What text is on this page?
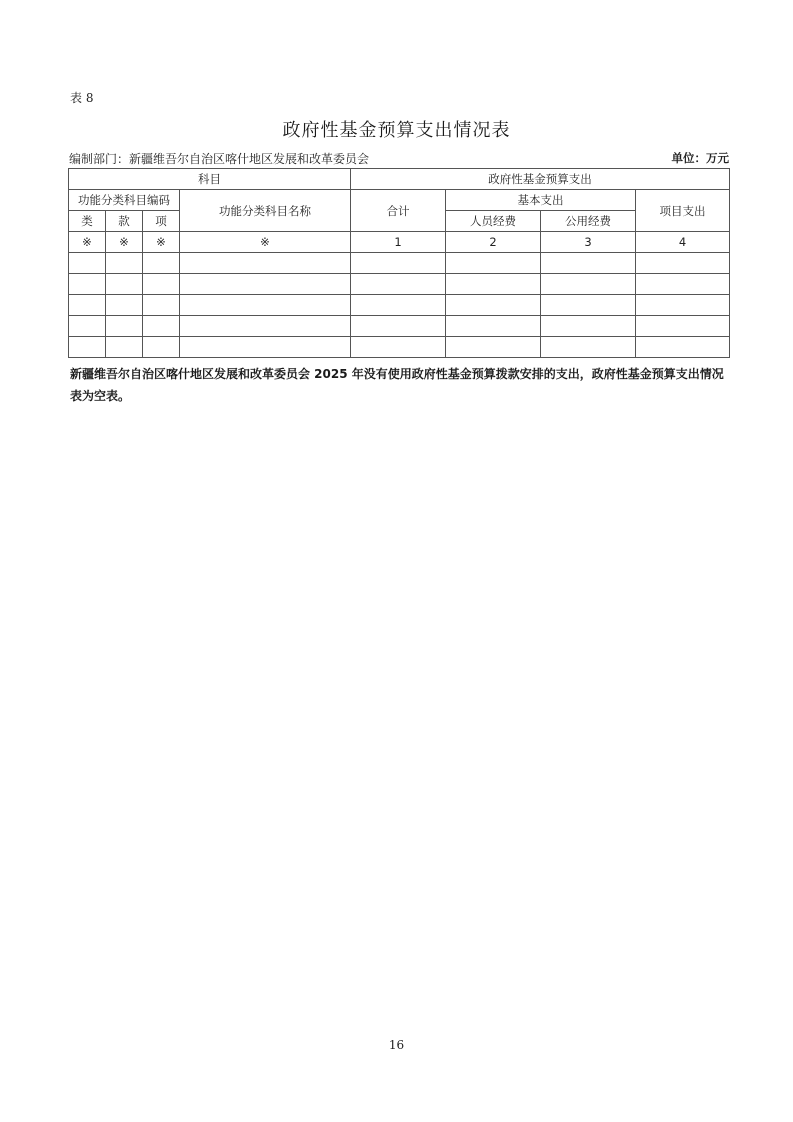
表 8
政府性基金预算支出情况表
编制部门：新疆维吾尔自治区喀什地区发展和改革委员会	单位：万元
科目				政府性基金预算支出			
功能分类科目编码			功能分类科目名称	合计	基本支出		项目支出
类	款	项			人员经费	公用经费	
※	※	※	※	1	2	3	4

新疆维吾尔自治区喀什地区发展和改革委员会 2025 年没有使用政府性基金预算拨款安排的支出，政府性基金预算支出情况表为空表。
16
